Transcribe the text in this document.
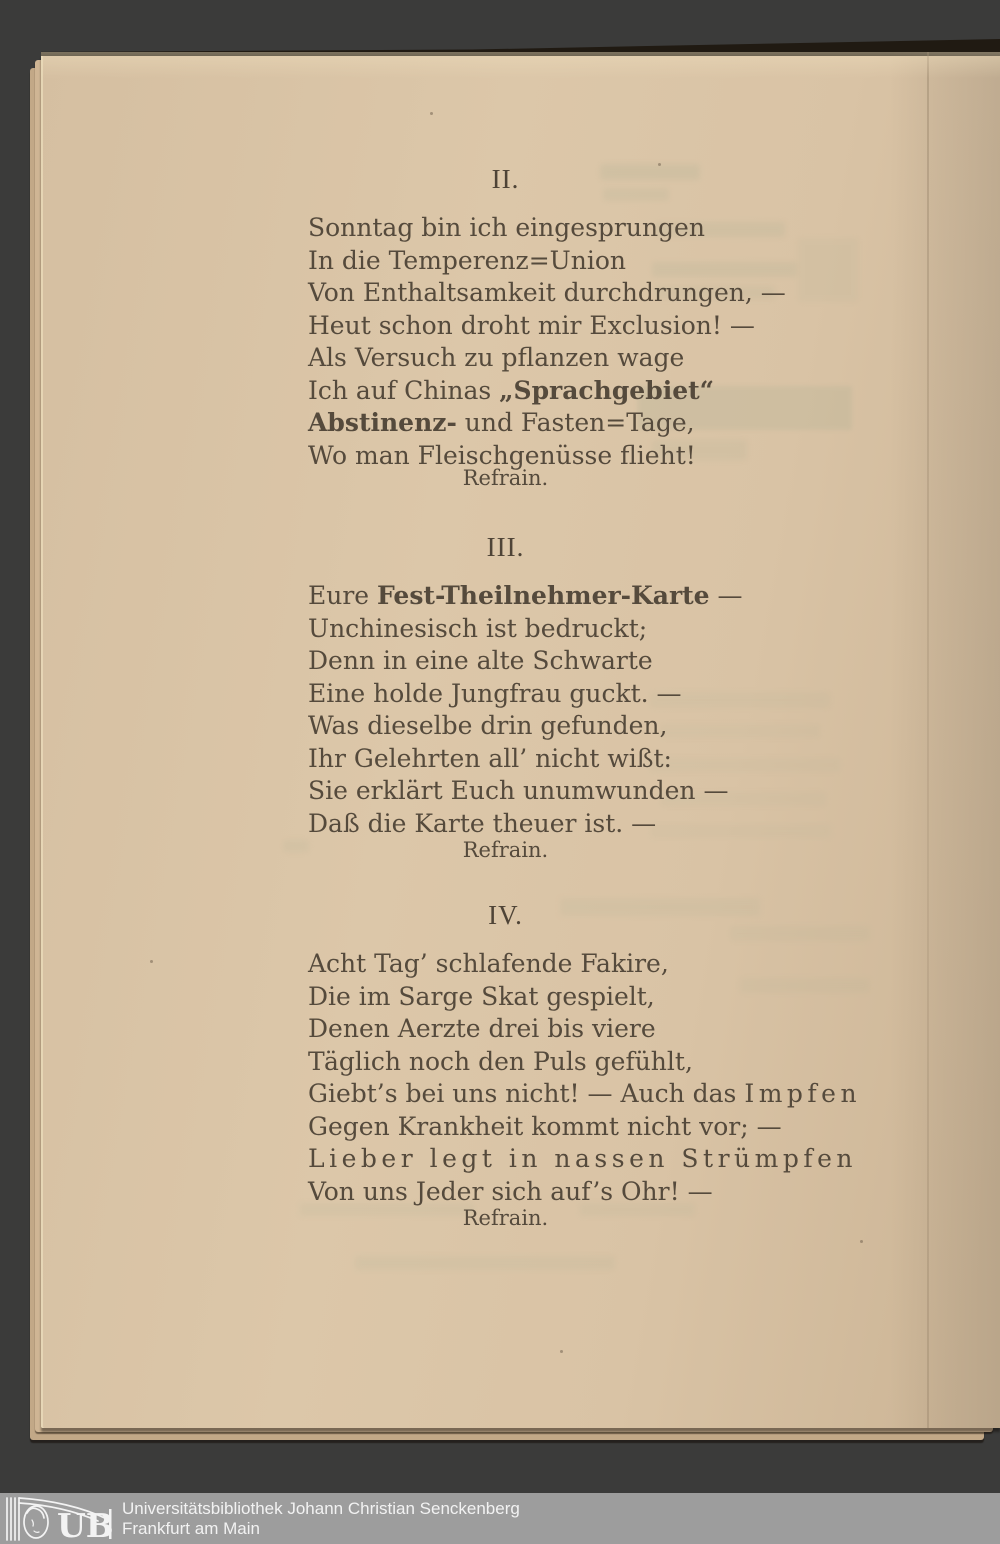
II.
Sonntag bin ich eingesprungen
In die Temperenz=Union
Von Enthaltsamkeit durchdrungen, —
Heut schon droht mir Exclusion! —
Als Versuch zu pflanzen wage
Ich auf Chinas „Sprachgebiet“
Abstinenz- und Fasten=Tage,
Wo man Fleischgenüsse flieht!
Refrain.
III.
Eure Fest-Theilnehmer-Karte —
Unchinesisch ist bedruckt;
Denn in eine alte Schwarte
Eine holde Jungfrau guckt. —
Was dieselbe drin gefunden,
Ihr Gelehrten all’ nicht wißt:
Sie erklärt Euch unumwunden —
Daß die Karte theuer ist. —
Refrain.
IV.
Acht Tag’ schlafende Fakire,
Die im Sarge Skat gespielt,
Denen Aerzte drei bis viere
Täglich noch den Puls gefühlt,
Giebt’s bei uns nicht! — Auch das Impfen
Gegen Krankheit kommt nicht vor; —
Lieber legt in nassen Strümpfen
Von uns Jeder sich auf’s Ohr! —
Refrain.
UB Universitätsbibliothek Johann Christian Senckenberg
Frankfurt am Main
